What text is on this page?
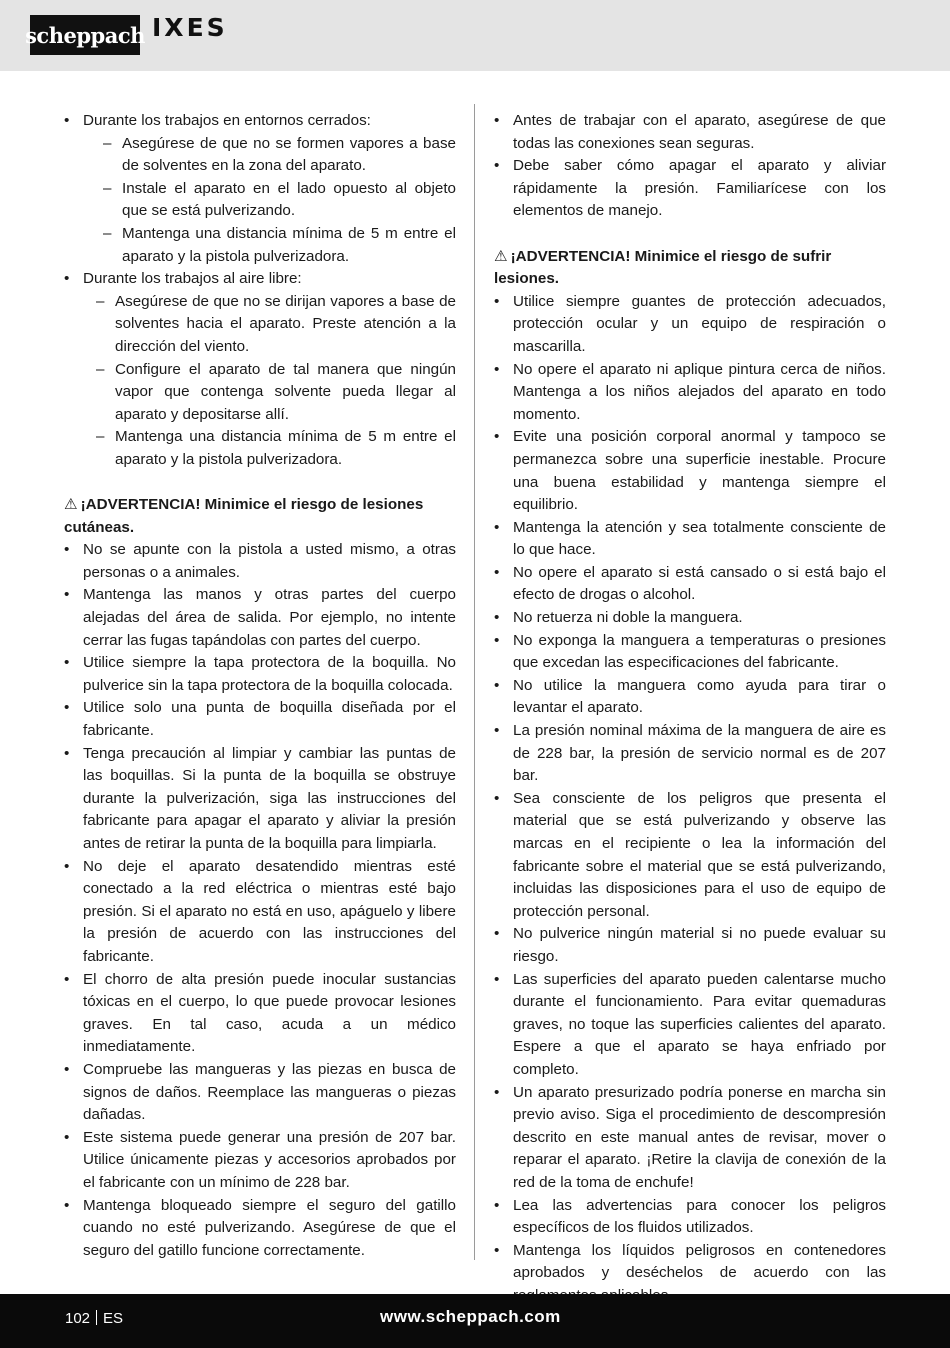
scheppach IXES
• Durante los trabajos en entornos cerrados:
– Asegúrese de que no se formen vapores a base de solventes en la zona del aparato.
– Instale el aparato en el lado opuesto al objeto que se está pulverizando.
– Mantenga una distancia mínima de 5 m entre el aparato y la pistola pulverizadora.
• Durante los trabajos al aire libre:
– Asegúrese de que no se dirijan vapores a base de solventes hacia el aparato. Preste atención a la dirección del viento.
– Configure el aparato de tal manera que ningún vapor que contenga solvente pueda llegar al aparato y depositarse allí.
– Mantenga una distancia mínima de 5 m entre el aparato y la pistola pulverizadora.
⚠ ¡ADVERTENCIA! Minimice el riesgo de lesiones cutáneas.
• No se apunte con la pistola a usted mismo, a otras personas o a animales.
• Mantenga las manos y otras partes del cuerpo alejadas del área de salida. Por ejemplo, no intente cerrar las fugas tapándolas con partes del cuerpo.
• Utilice siempre la tapa protectora de la boquilla. No pulverice sin la tapa protectora de la boquilla colocada.
• Utilice solo una punta de boquilla diseñada por el fabricante.
• Tenga precaución al limpiar y cambiar las puntas de las boquillas. Si la punta de la boquilla se obstruye durante la pulverización, siga las instrucciones del fabricante para apagar el aparato y aliviar la presión antes de retirar la punta de la boquilla para limpiarla.
• No deje el aparato desatendido mientras esté conectado a la red eléctrica o mientras esté bajo presión. Si el aparato no está en uso, apáguelo y libere la presión de acuerdo con las instrucciones del fabricante.
• El chorro de alta presión puede inocular sustancias tóxicas en el cuerpo, lo que puede provocar lesiones graves. En tal caso, acuda a un médico inmediatamente.
• Compruebe las mangueras y las piezas en busca de signos de daños. Reemplace las mangueras o piezas dañadas.
• Este sistema puede generar una presión de 207 bar. Utilice únicamente piezas y accesorios aprobados por el fabricante con un mínimo de 228 bar.
• Mantenga bloqueado siempre el seguro del gatillo cuando no esté pulverizando. Asegúrese de que el seguro del gatillo funcione correctamente.
• Antes de trabajar con el aparato, asegúrese de que todas las conexiones sean seguras.
• Debe saber cómo apagar el aparato y aliviar rápidamente la presión. Familiarícese con los elementos de manejo.
⚠ ¡ADVERTENCIA! Minimice el riesgo de sufrir lesiones.
• Utilice siempre guantes de protección adecuados, protección ocular y un equipo de respiración o mascarilla.
• No opere el aparato ni aplique pintura cerca de niños. Mantenga a los niños alejados del aparato en todo momento.
• Evite una posición corporal anormal y tampoco se permanezca sobre una superficie inestable. Procure una buena estabilidad y mantenga siempre el equilibrio.
• Mantenga la atención y sea totalmente consciente de lo que hace.
• No opere el aparato si está cansado o si está bajo el efecto de drogas o alcohol.
• No retuerza ni doble la manguera.
• No exponga la manguera a temperaturas o presiones que excedan las especificaciones del fabricante.
• No utilice la manguera como ayuda para tirar o levantar el aparato.
• La presión nominal máxima de la manguera de aire es de 228 bar, la presión de servicio normal es de 207 bar.
• Sea consciente de los peligros que presenta el material que se está pulverizando y observe las marcas en el recipiente o lea la información del fabricante sobre el material que se está pulverizando, incluidas las disposiciones para el uso de equipo de protección personal.
• No pulverice ningún material si no puede evaluar su riesgo.
• Las superficies del aparato pueden calentarse mucho durante el funcionamiento. Para evitar quemaduras graves, no toque las superficies calientes del aparato. Espere a que el aparato se haya enfriado por completo.
• Un aparato presurizado podría ponerse en marcha sin previo aviso. Siga el procedimiento de descompresión descrito en este manual antes de revisar, mover o reparar el aparato. ¡Retire la clavija de conexión de la red de la toma de enchufe!
• Lea las advertencias para conocer los peligros específicos de los fluidos utilizados.
• Mantenga los líquidos peligrosos en contenedores aprobados y deséchelos de acuerdo con las
102 ES	www.scheppach.com
